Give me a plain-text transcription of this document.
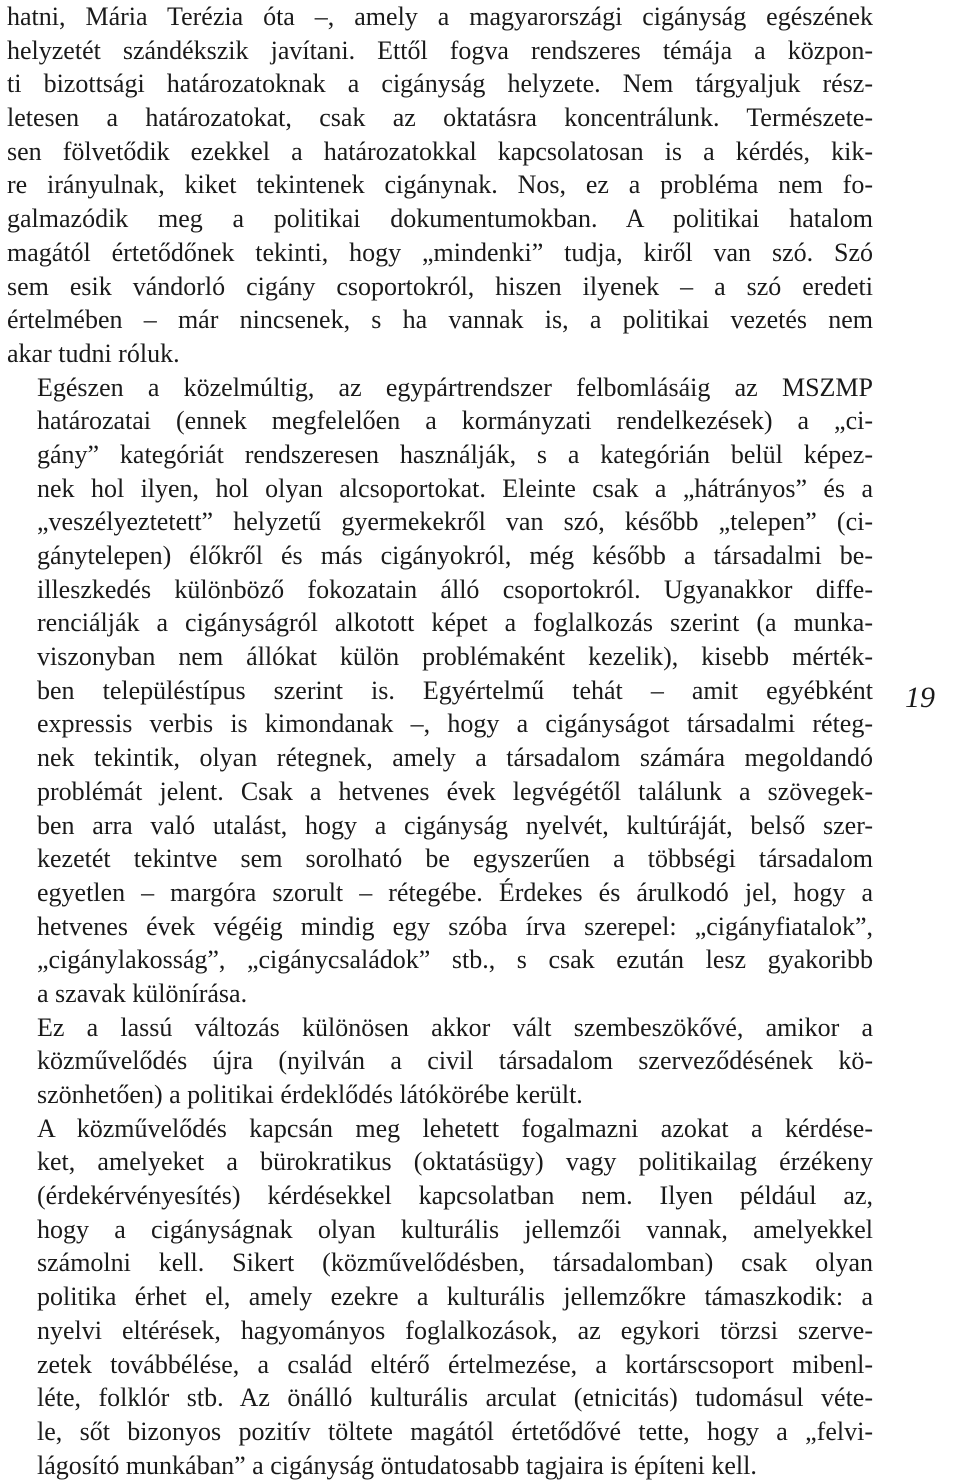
hatni, Mária Terézia óta –, amely a magyarországi cigányság egészének
helyzetét szándékszik javítani. Ettől fogva rendszeres témája a közpon-
ti bizottsági határozatoknak a cigányság helyzete. Nem tárgyaljuk rész-
letesen a határozatokat, csak az oktatásra koncentrálunk. Természete-
sen fölvetődik ezekkel a határozatokkal kapcsolatosan is a kérdés, kik-
re irányulnak, kiket tekintenek cigánynak. Nos, ez a probléma nem fo-
galmazódik meg a politikai dokumentumokban. A politikai hatalom
magától értetődőnek tekinti, hogy „mindenki” tudja, kiről van szó. Szó
sem esik vándorló cigány csoportokról, hiszen ilyenek – a szó eredeti
értelmében – már nincsenek, s ha vannak is, a politikai vezetés nem
akar tudni róluk.
Egészen a közelmúltig, az egypártrendszer felbomlásáig az MSZMP
határozatai (ennek megfelelően a kormányzati rendelkezések) a „ci-
gány” kategóriát rendszeresen használják, s a kategórián belül képez-
nek hol ilyen, hol olyan alcsoportokat. Eleinte csak a „hátrányos” és a
„veszélyeztetett” helyzetű gyermekekről van szó, később „telepen” (ci-
gánytelepen) élőkről és más cigányokról, még később a társadalmi be-
illeszkedés különböző fokozatain álló csoportokról. Ugyanakkor diffe-
renciálják a cigányságról alkotott képet a foglalkozás szerint (a munka-
viszonyban nem állókat külön problémaként kezelik), kisebb mérték-
ben településtípus szerint is. Egyértelmű tehát – amit egyébként
expressis verbis is kimondanak –, hogy a cigányságot társadalmi réteg-
nek tekintik, olyan rétegnek, amely a társadalom számára megoldandó
problémát jelent. Csak a hetvenes évek legvégétől találunk a szövegek-
ben arra való utalást, hogy a cigányság nyelvét, kultúráját, belső szer-
kezetét tekintve sem sorolható be egyszerűen a többségi társadalom
egyetlen – margóra szorult – rétegébe. Érdekes és árulkodó jel, hogy a
hetvenes évek végéig mindig egy szóba írva szerepel: „cigányfiatalok”,
„cigánylakosság”, „cigánycsaládok” stb., s csak ezután lesz gyakoribb
a szavak különírása.
Ez a lassú változás különösen akkor vált szembeszökővé, amikor a
közművelődés újra (nyilván a civil társadalom szerveződésének kö-
szönhetően) a politikai érdeklődés látókörébe került.
A közművelődés kapcsán meg lehetett fogalmazni azokat a kérdése-
ket, amelyeket a bürokratikus (oktatásügy) vagy politikailag érzékeny
(érdekérvényesítés) kérdésekkel kapcsolatban nem. Ilyen például az,
hogy a cigányságnak olyan kulturális jellemzői vannak, amelyekkel
számolni kell. Sikert (közművelődésben, társadalomban) csak olyan
politika érhet el, amely ezekre a kulturális jellemzőkre támaszkodik: a
nyelvi eltérések, hagyományos foglalkozások, az egykori törzsi szerve-
zetek továbbélése, a család eltérő értelmezése, a kortárscsoport mibenl-
léte, folklór stb. Az önálló kulturális arculat (etnicitás) tudomásul véte-
le, sőt bizonyos pozitív töltete magától értetődővé tette, hogy a „felvi-
lágosító munkában” a cigányság öntudatosabb tagjaira is építeni kell.
19
